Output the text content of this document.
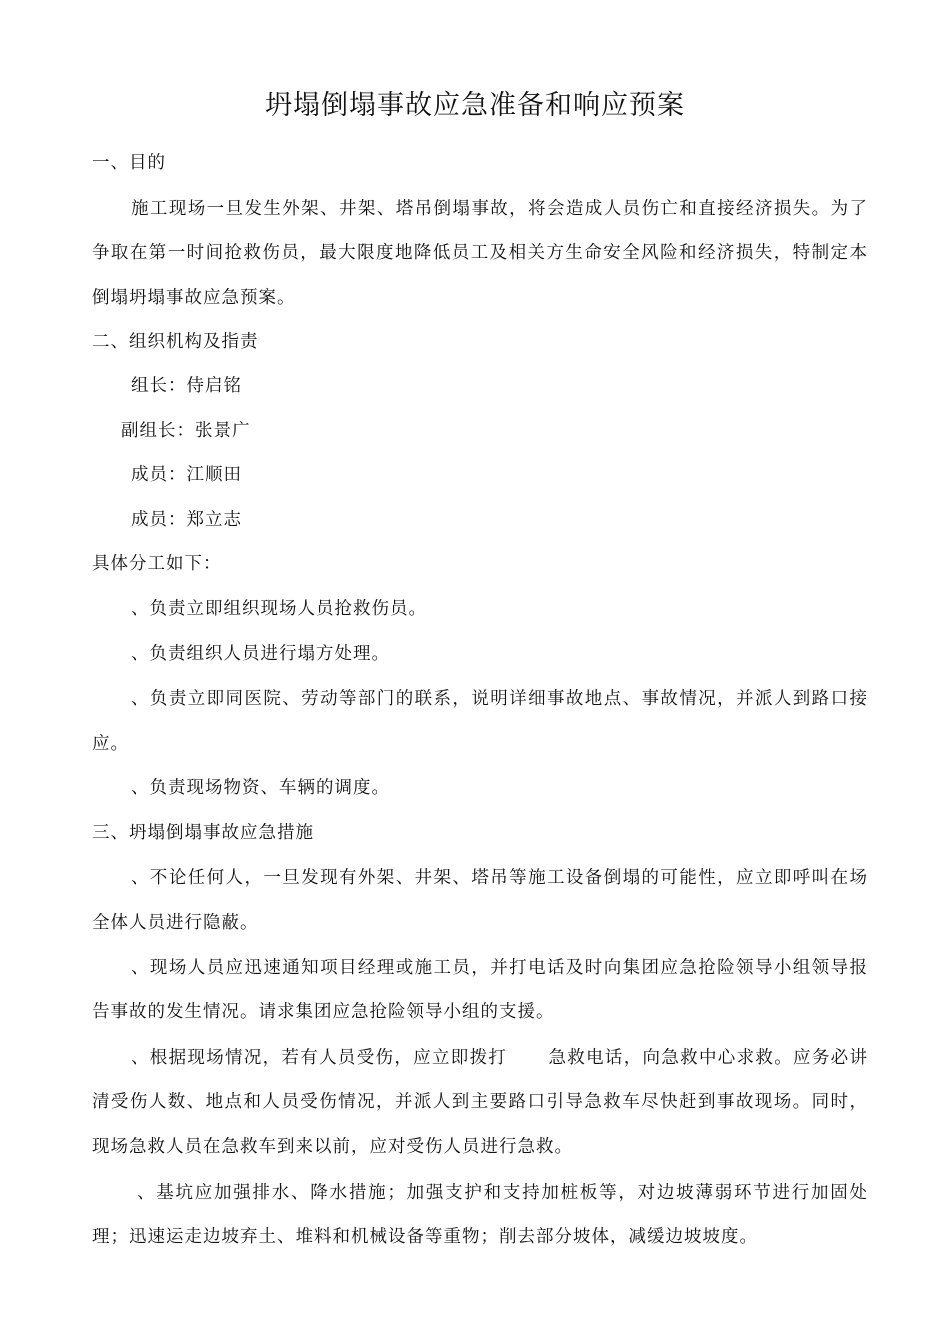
坍塌倒塌事故应急准备和响应预案
一、目的
施工现场一旦发生外架、井架、塔吊倒塌事故，将会造成人员伤亡和直接经济损失。为了
争取在第一时间抢救伤员，最大限度地降低员工及相关方生命安全风险和经济损失，特制定本
倒塌坍塌事故应急预案。
二、组织机构及指责
组长：侍启铭
副组长：张景广
成员：江顺田
成员：郑立志
具体分工如下：
、负责立即组织现场人员抢救伤员。
、负责组织人员进行塌方处理。
、负责立即同医院、劳动等部门的联系，说明详细事故地点、事故情况，并派人到路口接
应。
、负责现场物资、车辆的调度。
三、坍塌倒塌事故应急措施
、不论任何人，一旦发现有外架、井架、塔吊等施工设备倒塌的可能性，应立即呼叫在场
全体人员进行隐蔽。
、现场人员应迅速通知项目经理或施工员，并打电话及时向集团应急抢险领导小组领导报
告事故的发生情况。请求集团应急抢险领导小组的支援。
、根据现场情况，若有人员受伤，应立即拨打      急救电话，向急救中心求救。应务必讲
清受伤人数、地点和人员受伤情况，并派人到主要路口引导急救车尽快赶到事故现场。同时，
现场急救人员在急救车到来以前，应对受伤人员进行急救。
、基坑应加强排水、降水措施；加强支护和支持加桩板等，对边坡薄弱环节进行加固处
理；迅速运走边坡弃土、堆料和机械设备等重物；削去部分坡体，减缓边坡坡度。
